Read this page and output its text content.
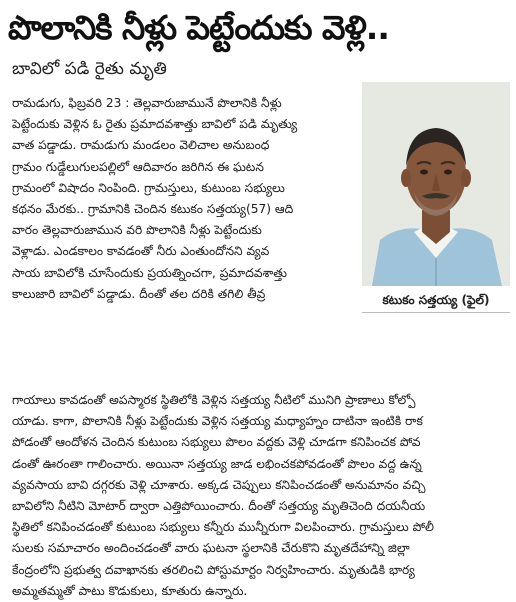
పొలానికి నీళ్లు పెట్టేందుకు వెళ్లి..
బావిలో పడి రైతు మృతి
రామడుగు, ఫిబ్రవరి 23 : తెల్లవారుజామునే పొలానికి నీళ్లు
పెట్టేందుకు వెళ్లిన ఓ రైతు ప్రమాదవశాత్తు బావిలో పడి మృత్యు
వాత పడ్డాడు. రామడుగు మండలం వెలిచాల అనుబంధ
గ్రామం గుడ్డేలుగులపల్లిలో ఆదివారం జరిగిన ఈ ఘటన
గ్రామంలో విషాదం నింపింది. గ్రామస్తులు, కుటుంబ సభ్యులు
కథనం మేరకు.. గ్రామానికి చెందిన కటుకం సత్తయ్య(57) ఆది
వారం తెల్లవారుజామున వరి పొలానికి నీళ్లు పెట్టేందుకు
వెళ్లాడు. ఎండకాలం కావడంతో నీరు ఎంతుందోనని వ్యవ
సాయ బావిలోకి చూసేందుకు ప్రయత్నించగా, ప్రమాదవశాత్తు
కాలుజారి బావిలో పడ్డాడు. దీంతో తల దరికి తగిలి తీవ్ర	కటుకం సత్తయ్య (ఫైల్)
గాయాలు కావడంతో అపస్మారక స్థితిలోకి వెళ్లిన సత్తయ్య నీటిలో మునిగి ప్రాణాలు కోల్పో
యాడు. కాగా, పొలానికి నీళ్లు పెట్టేందుకు వెళ్లిన సత్తయ్య మధ్యాహ్నం దాటినా ఇంటికి రాక
పోడంతో ఆందోళన చెందిన కుటుంబ సభ్యులు పొలం వద్దకు వెళ్లి చూడగా కనిపించక పోవ
డంతో ఊరంతా గాలించారు. అయినా సత్తయ్య జాడ లభించకపోవడంతో పొలం వద్ద ఉన్న
వ్యవసాయ బావి దగ్గరకు వెళ్లి చూశారు. అక్కడ చెప్పులు కనిపించడంతో అనుమానం వచ్చి
బావిలోని నీటిని మోటార్ ద్వారా ఎత్తిపోయించారు. దీంతో సత్తయ్య మృతిచెంది దయనీయ
స్థితిలో కనిపించడంతో కుటుంబ సభ్యులు కన్నీరు మున్నీరుగా విలపించారు. గ్రామస్తులు పోలీ
సులకు సమాచారం అందించడంతో వారు ఘటనా స్థలానికి చేరుకొని మృతదేహాన్ని జిల్లా
కేంద్రంలోని ప్రభుత్వ దవాఖానకు తరలించి పోస్టుమార్టం నిర్వహించారు. మృతుడికి భార్య
అమ్మతమ్మతో పాటు కొడుకులు, కూతురు ఉన్నారు.
